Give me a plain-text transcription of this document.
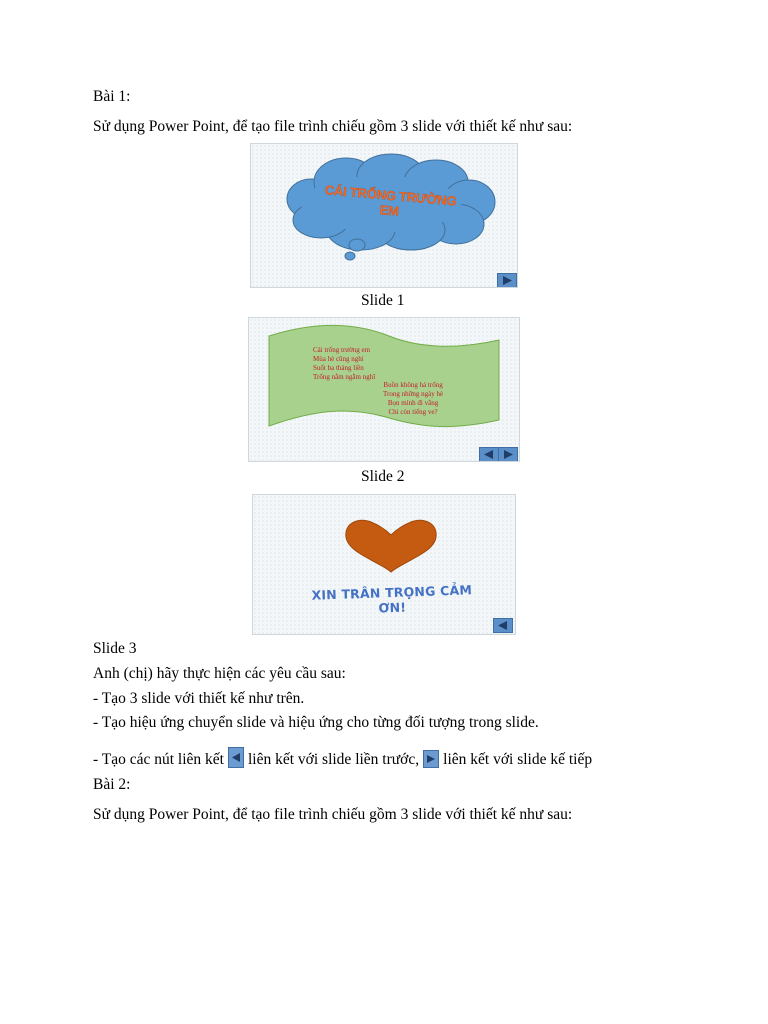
Bài 1:
Sử dụng Power Point, để tạo file trình chiếu gồm 3 slide với thiết kế như sau:
CÁI TRỐNG TRƯỜNG EM
Slide 1
Cái trống trường em
Mùa hè cũng nghỉ
Suốt ba tháng liền
Trống nằm ngẫm nghĩ
Buồn không hả trống
Trong những ngày hè
Bọn mình đi vắng
Chỉ còn tiếng ve?
Slide 2
XIN TRÂN TRỌNG CẢM ƠN!
Slide 3
Anh (chị) hãy thực hiện các yêu cầu sau:
- Tạo 3 slide với thiết kế như trên.
- Tạo hiệu ứng chuyển slide và hiệu ứng cho từng đối tượng trong slide.
- Tạo các nút liên kết liên kết với slide liền trước, liên kết với slide kế tiếp
Bài 2:
Sử dụng Power Point, để tạo file trình chiếu gồm 3 slide với thiết kế như sau:
